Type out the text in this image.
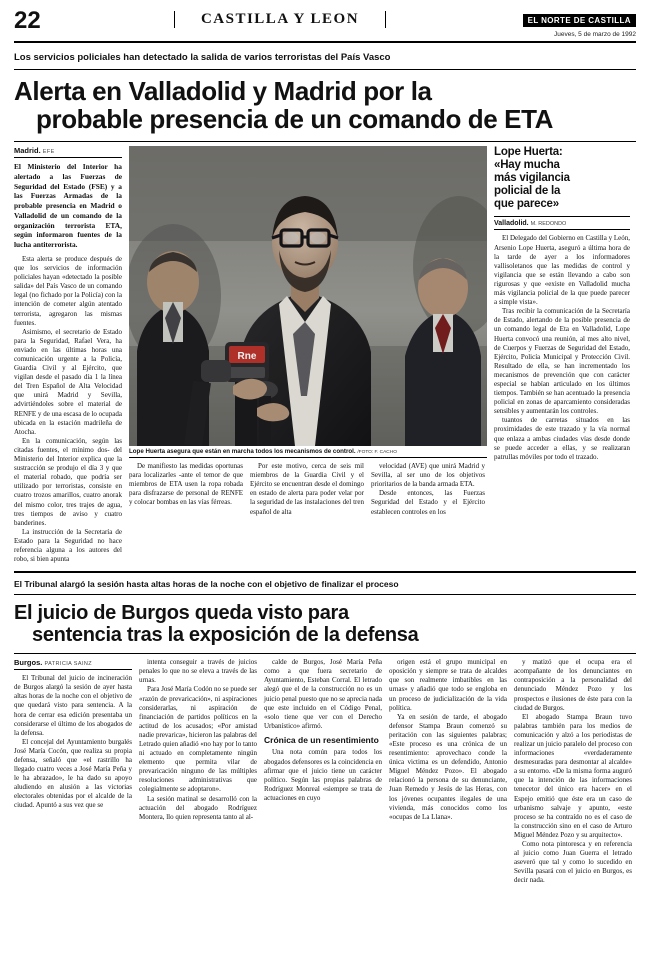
22	CASTILLA Y LEON	EL NORTE DE CASTILLA
Jueves, 5 de marzo de 1992
Los servicios policiales han detectado la salida de varios terroristas del País Vasco
Alerta en Valladolid y Madrid por la
probable presencia de un comando de ETA
Madrid. EFE
El Ministerio del Interior ha alertado a las Fuerzas de Seguridad del Estado (FSE) y a las Fuerzas Armadas de la probable presencia en Madrid o Valladolid de un comando de la organización terrorista ETA, según informaron fuentes de la lucha antiterrorista.

Esta alerta se produce después de que los servicios de información policiales hayan «detectado la posible salida» del País Vasco de un comando legal (no fichado por la Policía) con la intención de cometer algún atentado terrorista, agregaron las mismas fuentes.

Asimismo, el secretario de Estado para la Seguridad, Rafael Vera, ha enviado en las últimas horas una comunicación urgente a la Policía, Guardia Civil y al Ejército, que vigilan desde el pasado día 1 la línea del Tren Español de Alta Velocidad que unirá Madrid y Sevilla, advirtiéndoles sobre el material de RENFE y de una escasa de lo ocupada ubicada en la estación madrileña de Atocha.

En la comunicación, según las citadas fuentes, el mínimo dos- del Ministerio del Interior explica que la sustracción se produjo el día 3 y que el material robado, que podría ser utilizado por terroristas, consiste en cuatro trozos amarillos, cuatro anorak del mismo color, tres trajes de agua, tres tiempos de aviso y cuatro banderines.

La instrucción de la Secretaría de Estado para la Seguridad no hace referencia alguna a los autores del robo, si bien apunta

Rne
Lope Huerta asegura que están en marcha todos los mecanismos de control. /FOTO: F. CACHO

De manifiesto las medidas oportunas para localizarles -ante el temor de que miembros de ETA usen la ropa robada para disfrazarse de personal de RENFE y colocar bombas en las vías férreas.

Por este motivo, cerca de seis mil miembros de la Guardia Civil y el Ejército se encuentran desde el domingo en estado de alerta para poder velar por la seguridad de las instalaciones del tren español de alta

velocidad (AVE) que unirá Madrid y Sevilla, al ser uno de los objetivos prioritarios de la banda armada ETA.

Desde entonces, las Fuerzas Seguridad del Estado y el Ejército establecen controles en los

Lope Huerta:
«Hay mucha
más vigilancia
policial de la
que parece»
Valladolid. M. REDONDO

El Delegado del Gobierno en Castilla y León, Arsenio Lope Huerta, aseguró a última hora de la tarde de ayer a los informadores vallisoletanos que las medidas de control y vigilancia que se están llevando a cabo son rigurosas y que «existe en Valladolid mucha más vigilancia policial de la que puede parecer a simple vista».

Tras recibir la comunicación de la Secretaría de Estado, alertando de la posible presencia de un comando legal de Eta en Valladolid, Lope Huerta convocó una reunión, al mes alto nivel, de Cuerpos y Fuerzas de Seguridad del Estado, Ejército, Policía Municipal y Protección Civil. Resultado de ella, se han incrementado los mecanismos de prevención que con carácter especial se habían articulado en los últimos tiempos. También se han acentuado la presencia policial en zonas de aparcamiento consideradas sensibles y aumentarán los controles.

tuantos de carretas situados en las proximidades de este trazado y la vía normal que enlaza a ambas ciudades vías desde donde se puede acceder a ellas, y se realizaran patrullas móviles por todo el trazado.

El Tribunal alargó la sesión hasta altas horas de la noche con el objetivo de finalizar el proceso
El juicio de Burgos queda visto para
sentencia tras la exposición de la defensa
Burgos. PATRICIA SAINZ

El Tribunal del juicio de incineración de Burgos alargó la sesión de ayer hasta altas horas de la noche con el objetivo de que quedará visto para sentencia. A la hora de cerrar esa edición presentaba un considerarse el último de los abogados de la defensa.

El concejal del Ayuntamiento burgalés José María Cocón, que realiza su propia defensa, señaló que «el rastrillo ha llegado cuatro veces a José María Peña y le ha abrazado», le ha dado su apoyo aludiendo en alusión a las victorias electorales obtenidas por el alcalde de la ciudad. Apuntó a sus vez que se

intenta conseguir a través de juicios penales lo que no se eleva a través de las urnas.

Para José María Codón no se puede ser «razón de prevaricación», ni aspiraciones considerarlas, ni aspiración de financiación de partidos políticos en la actitud de los acusados; «Por amistad nadie prevarica», hicieron las palabras del Letrado quien añadió «no hay por lo tanto ni actuado en completamente ningún elemento que permita vilar de prevaricación ninguno de las múltiples resoluciones administrativas que colegialmente se adoptaron».

La sesión matinal se desarrolló con la actuación del abogado Rodríguez Montera, llo quien representa tanto al al-

calde de Burgos, José María Peña como a que fuera secretario de Ayuntamiento, Esteban Corral. El letrado alegó que el de la construcción no es un juicio penal puesto que no se aprecia nada que este incluido en el Código Penal, «solo tiene que ver con el Derecho Urbanístico» afirmó.

Crónica de un resentimiento

Una nota común para todos los abogados defensores es la coincidencia en afirmar que el juicio tiene un carácter político. Según las propias palabras de Rodríguez Monreal «siempre se trata de actuaciones en cuyo

origen está el grupo municipal en oposición y siempre se trata de alcaldes que son realmente imbatibles en las urnas» y añadió que todo se engloba en un proceso de judicialización de la vida política.

Ya en sesión de tarde, el abogado defensor Stampa Braun comenzó su peritación con las siguientes palabras; «Este proceso es una crónica de un resentimiento: aprovechaco conde la única victima es un defendido, Antonio Miguel Méndez Pozo». El abogado relacionó la persona de su denunciante, Juan Remedo y Jesús de las Heras, con los jóvenes ocupantes ilegales de una vivienda, más conocidos como los «ocupas de La Llana».

y matizó que el ocupa era el acompañante de los denunciantes en contraposición a la personalidad del denunciado Méndez Pozo y los prospectos e ilusiones de éste para con la ciudad de Burgos.

El abogado Stampa Braun tuvo palabras también para los medios de comunicación y alzó a los periodistas de realizar un juicio paralelo del proceso con informaciones «verdaderamente desmesuradas para desmontar al alcalde» a su entorno. «De la misma forma auguró que la intención de las informaciones tenecetor del único era hacer» en el Espejo emitió que éste era un caso de urbanismo salvaje y apunto, «este proceso se ha contraído no es el caso de la construcción sino en el caso de Arturo Miguel Méndez Pozo y su arquitecto».

Como nota pintoresca y en referencia al juicio como Juan Guerra el letrado aseveró que tal y como lo sucedido en Sevilla pasará con el juicio en Burgos, es decir nada.
